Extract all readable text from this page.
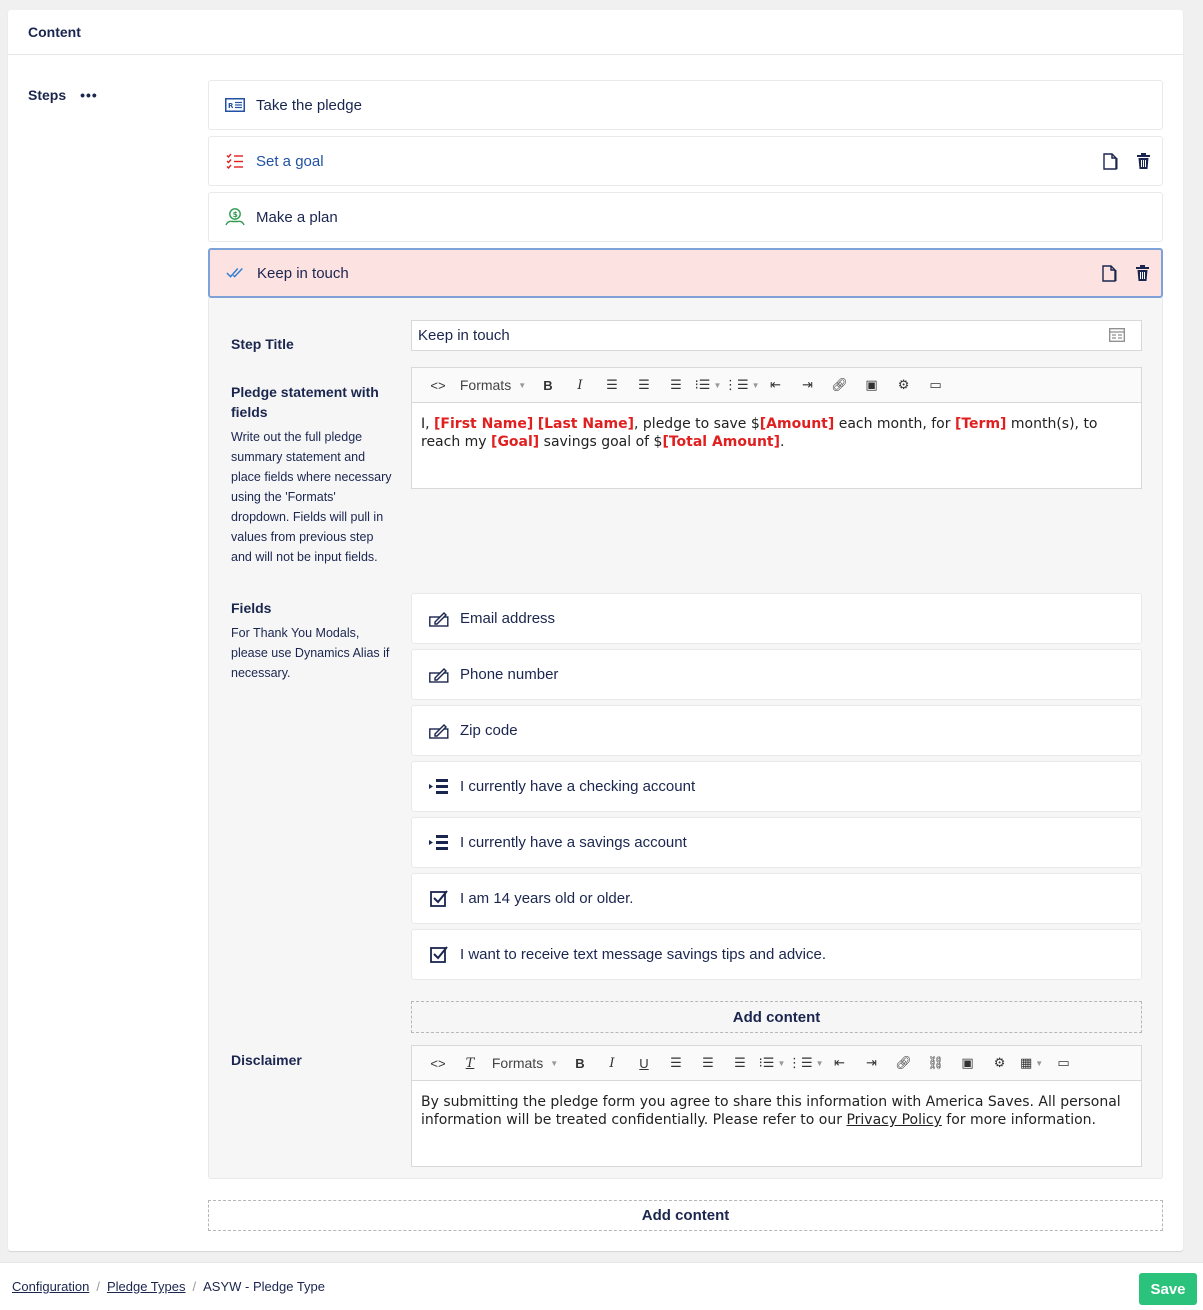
Content
Steps •••
R Take the pledge
Set a goal
$ Make a plan
Keep in touch
Step Title	Keep in touch
Pledge statement with fields
Write out the full pledge summary statement and place fields where necessary using the 'Formats' dropdown. Fields will pull in values from previous step and will not be input fields.
<>	Formats ▼	B	I	☰	☰	☰ ⁝☰ ▼ ⋮☰ ▼ ⇤	⇥	🔗︎	▣	⚙	▭
I, [First Name] [Last Name], pledge to save $[Amount] each month, for [Term] month(s), to reach my [Goal] savings goal of $[Total Amount].
Fields
For Thank You Modals, please use Dynamics Alias if necessary.
Email address
Phone number
Zip code
I currently have a checking account
I currently have a savings account
I am 14 years old or older.
I want to receive text message savings tips and advice.
Add content
Disclaimer	<>	T	Formats ▼	B	I	U	☰	☰	☰ ⁝☰ ▼ ⋮☰ ▼ ⇤	⇥	🔗︎	⛓	▣	⚙	▦ ▼	▭
By submitting the pledge form you agree to share this information with America Saves. All personal information will be treated confidentially. Please refer to our Privacy Policy for more information.
Add content
Configuration / Pledge Types / ASYW - Pledge Type	Save
